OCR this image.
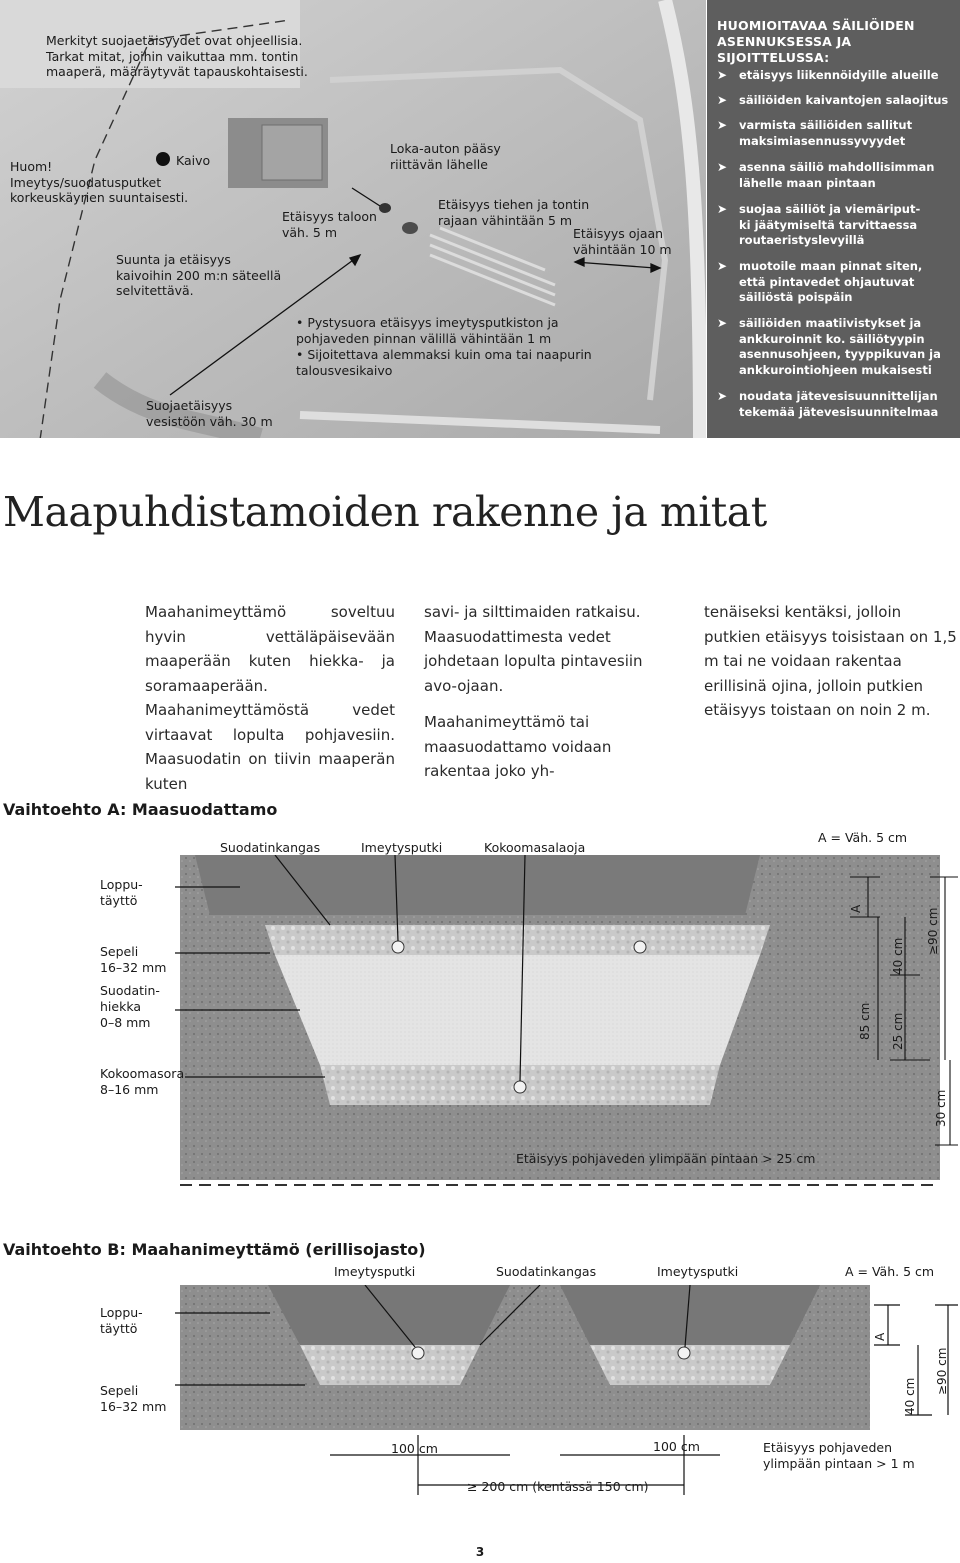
Merkityt suojaetäisyydet ovat ohjeellisia.
Tarkat mitat, joihin vaikuttaa mm. tontin
maaperä, määräytyvät tapauskohtaisesti.
Huom!
Imeytys/suodatusputket
korkeuskäyrien suuntaisesti.
Kaivo
Suunta ja etäisyys
kaivoihin 200 m:n säteellä
selvitettävä.
Etäisyys taloon
väh. 5 m
Loka-auton pääsy
riittävän lähelle
Etäisyys tiehen ja tontin
rajaan vähintään 5 m
Etäisyys ojaan
vähintään 10 m
• Pystysuora etäisyys imeytysputkiston ja
pohjaveden pinnan välillä vähintään 1 m
• Sijoitettava alemmaksi kuin oma tai naapurin
talousvesikaivo
Suojaetäisyys
vesistöön väh. 30 m
HUOMIOITAVAA SÄILIÖIDEN
ASENNUKSESSA JA SIJOITTELUSSA:
➤ etäisyys liikennöidyille alueille
➤ säiliöiden kaivantojen salaojitus
➤ varmista säiliöiden sallitut
maksimiasennussyvyydet
➤ asenna säiliö mahdollisimman
lähelle maan pintaan
➤ suojaa säiliöt ja viemäriput-
ki jäätymiseltä tarvittaessa
routaeristyslevyillä
➤ muotoile maan pinnat siten,
että pintavedet ohjautuvat
säiliöstä poispäin
➤ säiliöiden maatiivistykset ja
ankkuroinnit ko. säiliötyypin
asennusohjeen, tyyppikuvan ja
ankkurointiohjeen mukaisesti
➤ noudata jätevesisuunnittelijan
tekemää jätevesisuunnitelmaa
Maapuhdistamoiden rakenne ja mitat

Maahanimeyttämö soveltuu hyvin vettäläpäisevään maaperään kuten hiekka- ja soramaaperään. Maahanimeyttämöstä vedet virtaavat lopulta pohjavesiin. Maasuodatin on tiivin maaperän kuten

savi- ja silttimaiden ratkaisu. Maasuodattimesta vedet johdetaan lopulta pintavesiin avo-ojaan.

Maahanimeyttämö tai maasuodattamo voidaan rakentaa joko yh-

tenäiseksi kentäksi, jolloin putkien etäisyys toisistaan on 1,5 m tai ne voidaan rakentaa erillisinä ojina, jolloin putkien etäisyys toistaan on noin 2 m.

Vaihtoehto A: Maasuodattamo
Suodatinkangas	Imeytysputki	Kokoomasalaoja
A = Väh. 5 cm
Loppu-
täyttö
Sepeli
16–32 mm
Suodatin-
hiekka
0–8 mm
Kokoomasora
8–16 mm
A
40 cm
≥90 cm
85 cm 25 cm
30 cm
Etäisyys pohjaveden ylimpään pintaan > 25 cm
Vaihtoehto B: Maahanimeyttämö (erillisojasto)
Imeytysputki	Suodatinkangas	Imeytysputki	A = Väh. 5 cm
Loppu-
täyttö
Sepeli
16–32 mm
A
40 cm
≥90 cm
100 cm	100 cm	Etäisyys pohjaveden
ylimpään pintaan > 1 m
≥ 200 cm (kentässä 150 cm)
3
